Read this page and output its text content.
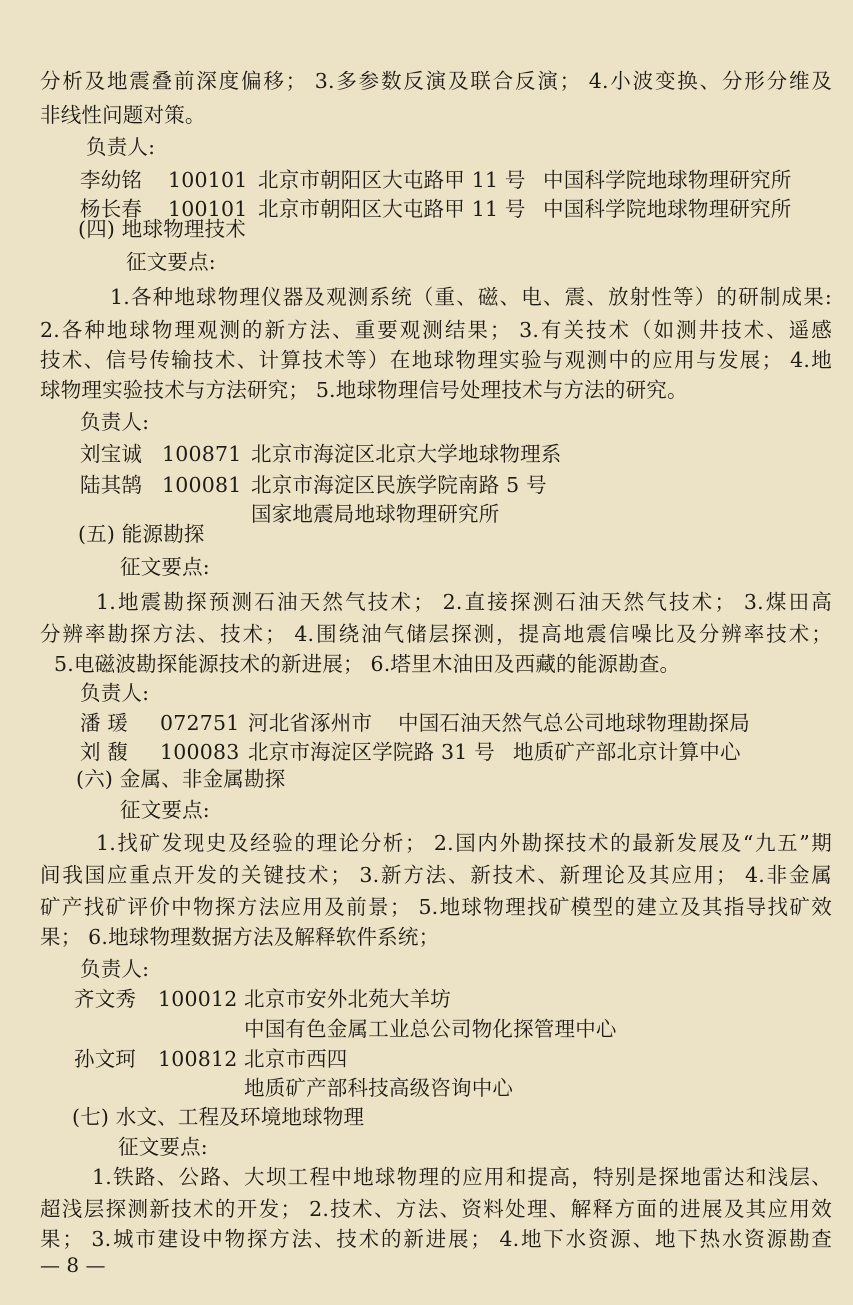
分析及地震叠前深度偏移； 3.多参数反演及联合反演； 4.小波变换、分形分维及
非线性问题对策。
负责人:
李幼铭 100101 北京市朝阳区大屯路甲 11 号 中国科学院地球物理研究所
杨长春 100101 北京市朝阳区大屯路甲 11 号 中国科学院地球物理研究所
(四) 地球物理技术
征文要点:
1.各种地球物理仪器及观测系统（重、磁、电、震、放射性等）的研制成果:
2.各种地球物理观测的新方法、重要观测结果； 3.有关技术（如测井技术、遥感
技术、信号传输技术、计算技术等）在地球物理实验与观测中的应用与发展； 4.地
球物理实验技术与方法研究； 5.地球物理信号处理技术与方法的研究。
负责人:
刘宝诚 100871 北京市海淀区北京大学地球物理系
陆其鹄 100081 北京市海淀区民族学院南路 5 号
国家地震局地球物理研究所
(五) 能源勘探
征文要点:
1.地震勘探预测石油天然气技术； 2.直接探测石油天然气技术； 3.煤田高
分辨率勘探方法、技术； 4.围绕油气储层探测，提高地震信噪比及分辨率技术；
5.电磁波勘探能源技术的新进展； 6.塔里木油田及西藏的能源勘查。
负责人:
潘 瑗 072751 河北省涿州市 中国石油天然气总公司地球物理勘探局
刘 馥 100083 北京市海淀区学院路 31 号 地质矿产部北京计算中心
(六) 金属、非金属勘探
征文要点:
1.找矿发现史及经验的理论分析； 2.国内外勘探技术的最新发展及“九五”期
间我国应重点开发的关键技术； 3.新方法、新技术、新理论及其应用； 4.非金属
矿产找矿评价中物探方法应用及前景； 5.地球物理找矿模型的建立及其指导找矿效
果； 6.地球物理数据方法及解释软件系统；
负责人:
齐文秀 100012 北京市安外北苑大羊坊
中国有色金属工业总公司物化探管理中心
孙文珂 100812 北京市西四
地质矿产部科技高级咨询中心
(七) 水文、工程及环境地球物理
征文要点:
1.铁路、公路、大坝工程中地球物理的应用和提高，特别是探地雷达和浅层、
超浅层探测新技术的开发； 2.技术、方法、资料处理、解释方面的进展及其应用效
果； 3.城市建设中物探方法、技术的新进展； 4.地下水资源、地下热水资源勘查
— 8 —
